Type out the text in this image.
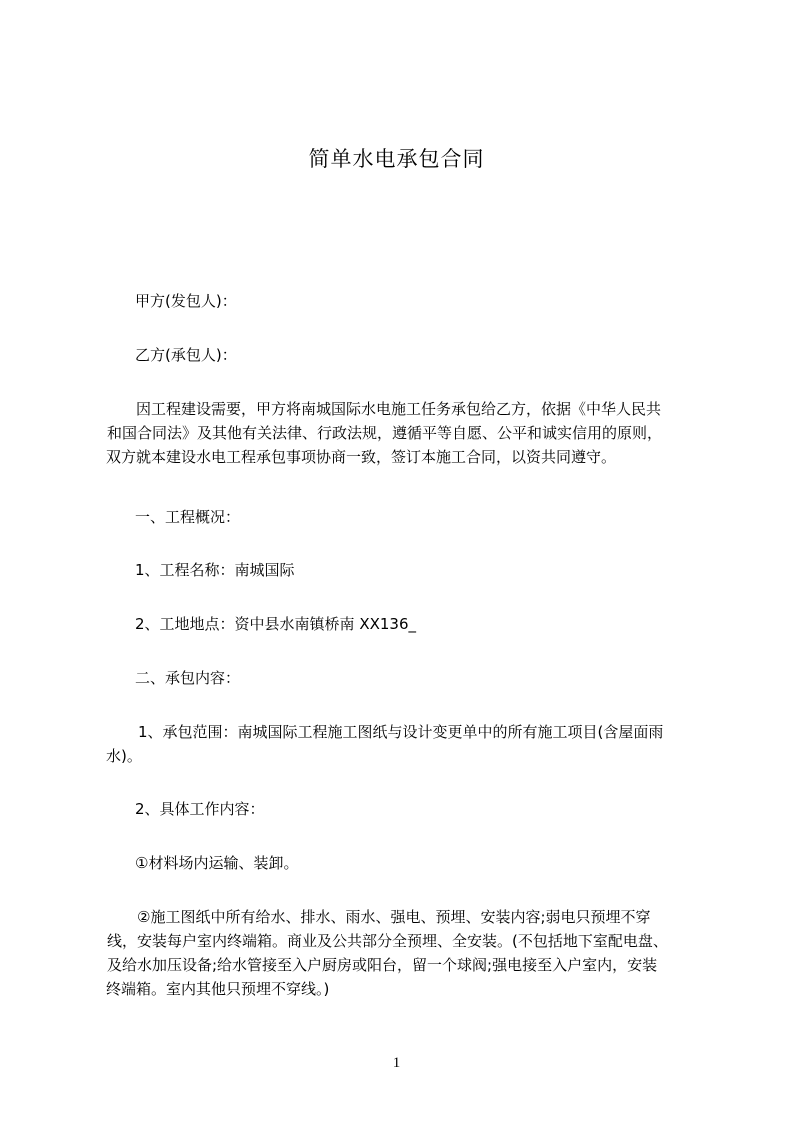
简单水电承包合同
甲方(发包人)：
乙方(承包人)：
因工程建设需要，甲方将南城国际水电施工任务承包给乙方，依据《中华人民共
和国合同法》及其他有关法律、行政法规，遵循平等自愿、公平和诚实信用的原则，
双方就本建设水电工程承包事项协商一致，签订本施工合同，以资共同遵守。
一、工程概况：
1、工程名称：南城国际
2、工地地点：资中县水南镇桥南 XX136_
二、承包内容：
1、承包范围：南城国际工程施工图纸与设计变更单中的所有施工项目(含屋面雨
水)。
2、具体工作内容：
①材料场内运输、装卸。
②施工图纸中所有给水、排水、雨水、强电、预埋、安装内容;弱电只预埋不穿
线，安装每户室内终端箱。商业及公共部分全预埋、全安装。(不包括地下室配电盘、
及给水加压设备;给水管接至入户厨房或阳台，留一个球阀;强电接至入户室内，安装
终端箱。室内其他只预埋不穿线。)
1
